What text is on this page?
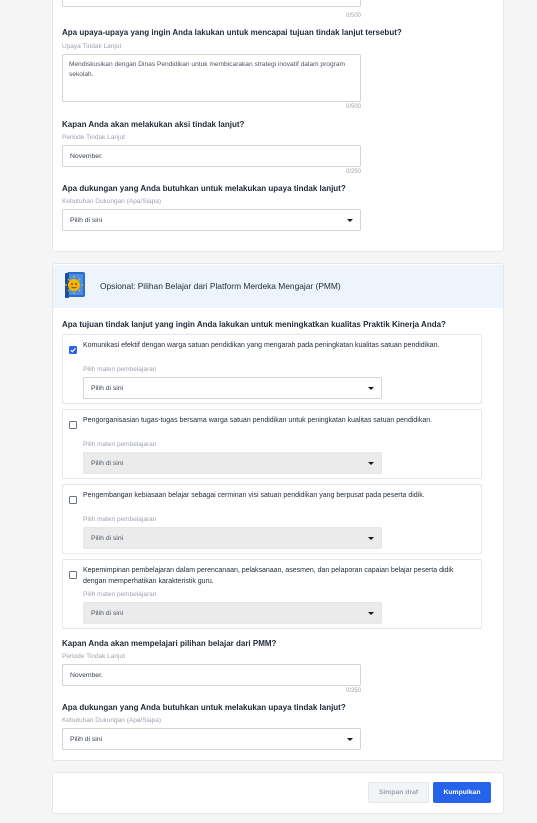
0/500
Apa upaya-upaya yang ingin Anda lakukan untuk mencapai tujuan tindak lanjut tersebut?
Upaya Tindak Lanjut
Mendiskusikan dengan Dinas Pendidikan untuk membicarakan strategi inovatif dalam program sekolah.
0/500
Kapan Anda akan melakukan aksi tindak lanjut?
Periode Tindak Lanjut
November.
0/250
Apa dukungan yang Anda butuhkan untuk melakukan upaya tindak lanjut?
Kebutuhan Dukungan (Apa/Siapa)
Pilih di sini
Opsional: Pilihan Belajar dari Platform Merdeka Mengajar (PMM)
Apa tujuan tindak lanjut yang ingin Anda lakukan untuk meningkatkan kualitas Praktik Kinerja Anda?
Komunikasi efektif dengan warga satuan pendidikan yang mengarah pada peningkatan kualitas satuan pendidikan.
Pilih materi pembelajaran
Pilih di sini
Pengorganisasian tugas-tugas bersama warga satuan pendidikan untuk peningkatan kualitas satuan pendidikan.
Pilih materi pembelajaran
Pilih di sini
Pengembangan kebiasaan belajar sebagai cerminan visi satuan pendidikan yang berpusat pada peserta didik.
Pilih materi pembelajaran
Pilih di sini
Kepemimpinan pembelajaran dalam perencanaan, pelaksanaan, asesmen, dan pelaporan capaian belajar peserta didik dengan memperhatikan karakteristik guru.
Pilih materi pembelajaran
Pilih di sini
Kapan Anda akan mempelajari pilihan belajar dari PMM?
Periode Tindak Lanjut
November.
0/250
Apa dukungan yang Anda butuhkan untuk melakukan upaya tindak lanjut?
Kebutuhan Dukungan (Apa/Siapa)
Pilih di sini
Simpan draf	Kumpulkan
